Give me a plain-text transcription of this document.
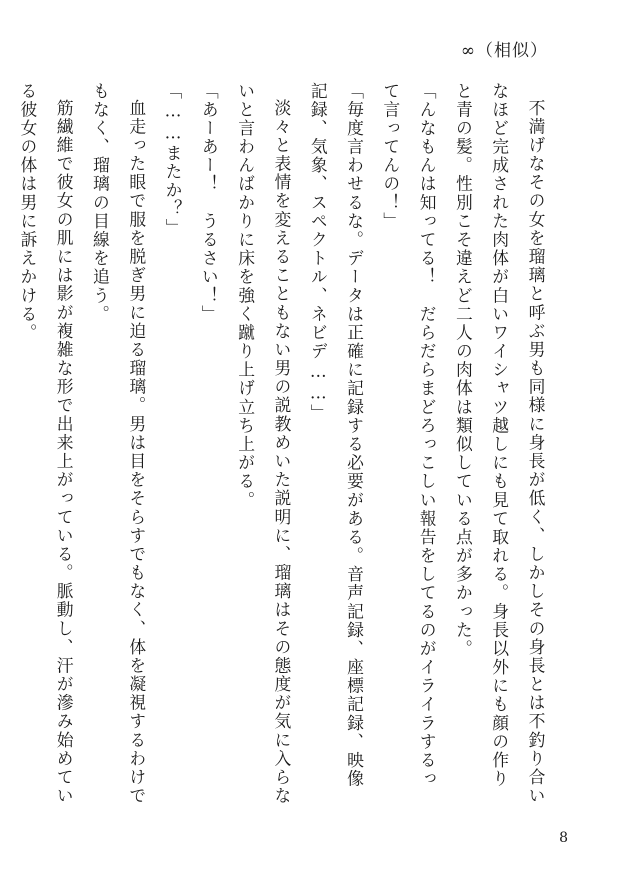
∞（相似）

不満げなその女を瑠璃と呼ぶ男も同様に身長が低く、しかしその身長とは不釣り合いなほど完成された肉体が白いワイシャツ越しにも見て取れる。身長以外にも顔の作りと青の髪。性別こそ違えど二人の肉体は類似している点が多かった。

「んなもんは知ってる！　だらだらまどろっこしい報告をしてるのがイライラするって言ってんの！」

「毎度言わせるな。データは正確に記録する必要がある。音声記録、座標記録、映像記録、気象、スペクトル、ネビデ……」

淡々と表情を変えることもない男の説教めいた説明に、瑠璃はその態度が気に入らないと言わんばかりに床を強く蹴り上げ立ち上がる。

「あーあー！　うるさい！」

「……またか？」

血走った眼で服を脱ぎ男に迫る瑠璃。男は目をそらすでもなく、体を凝視するわけでもなく、瑠璃の目線を追う。

筋繊維で彼女の肌には影が複雑な形で出来上がっている。脈動し、汗が滲み始めている彼女の体は男に訴えかける。

8
